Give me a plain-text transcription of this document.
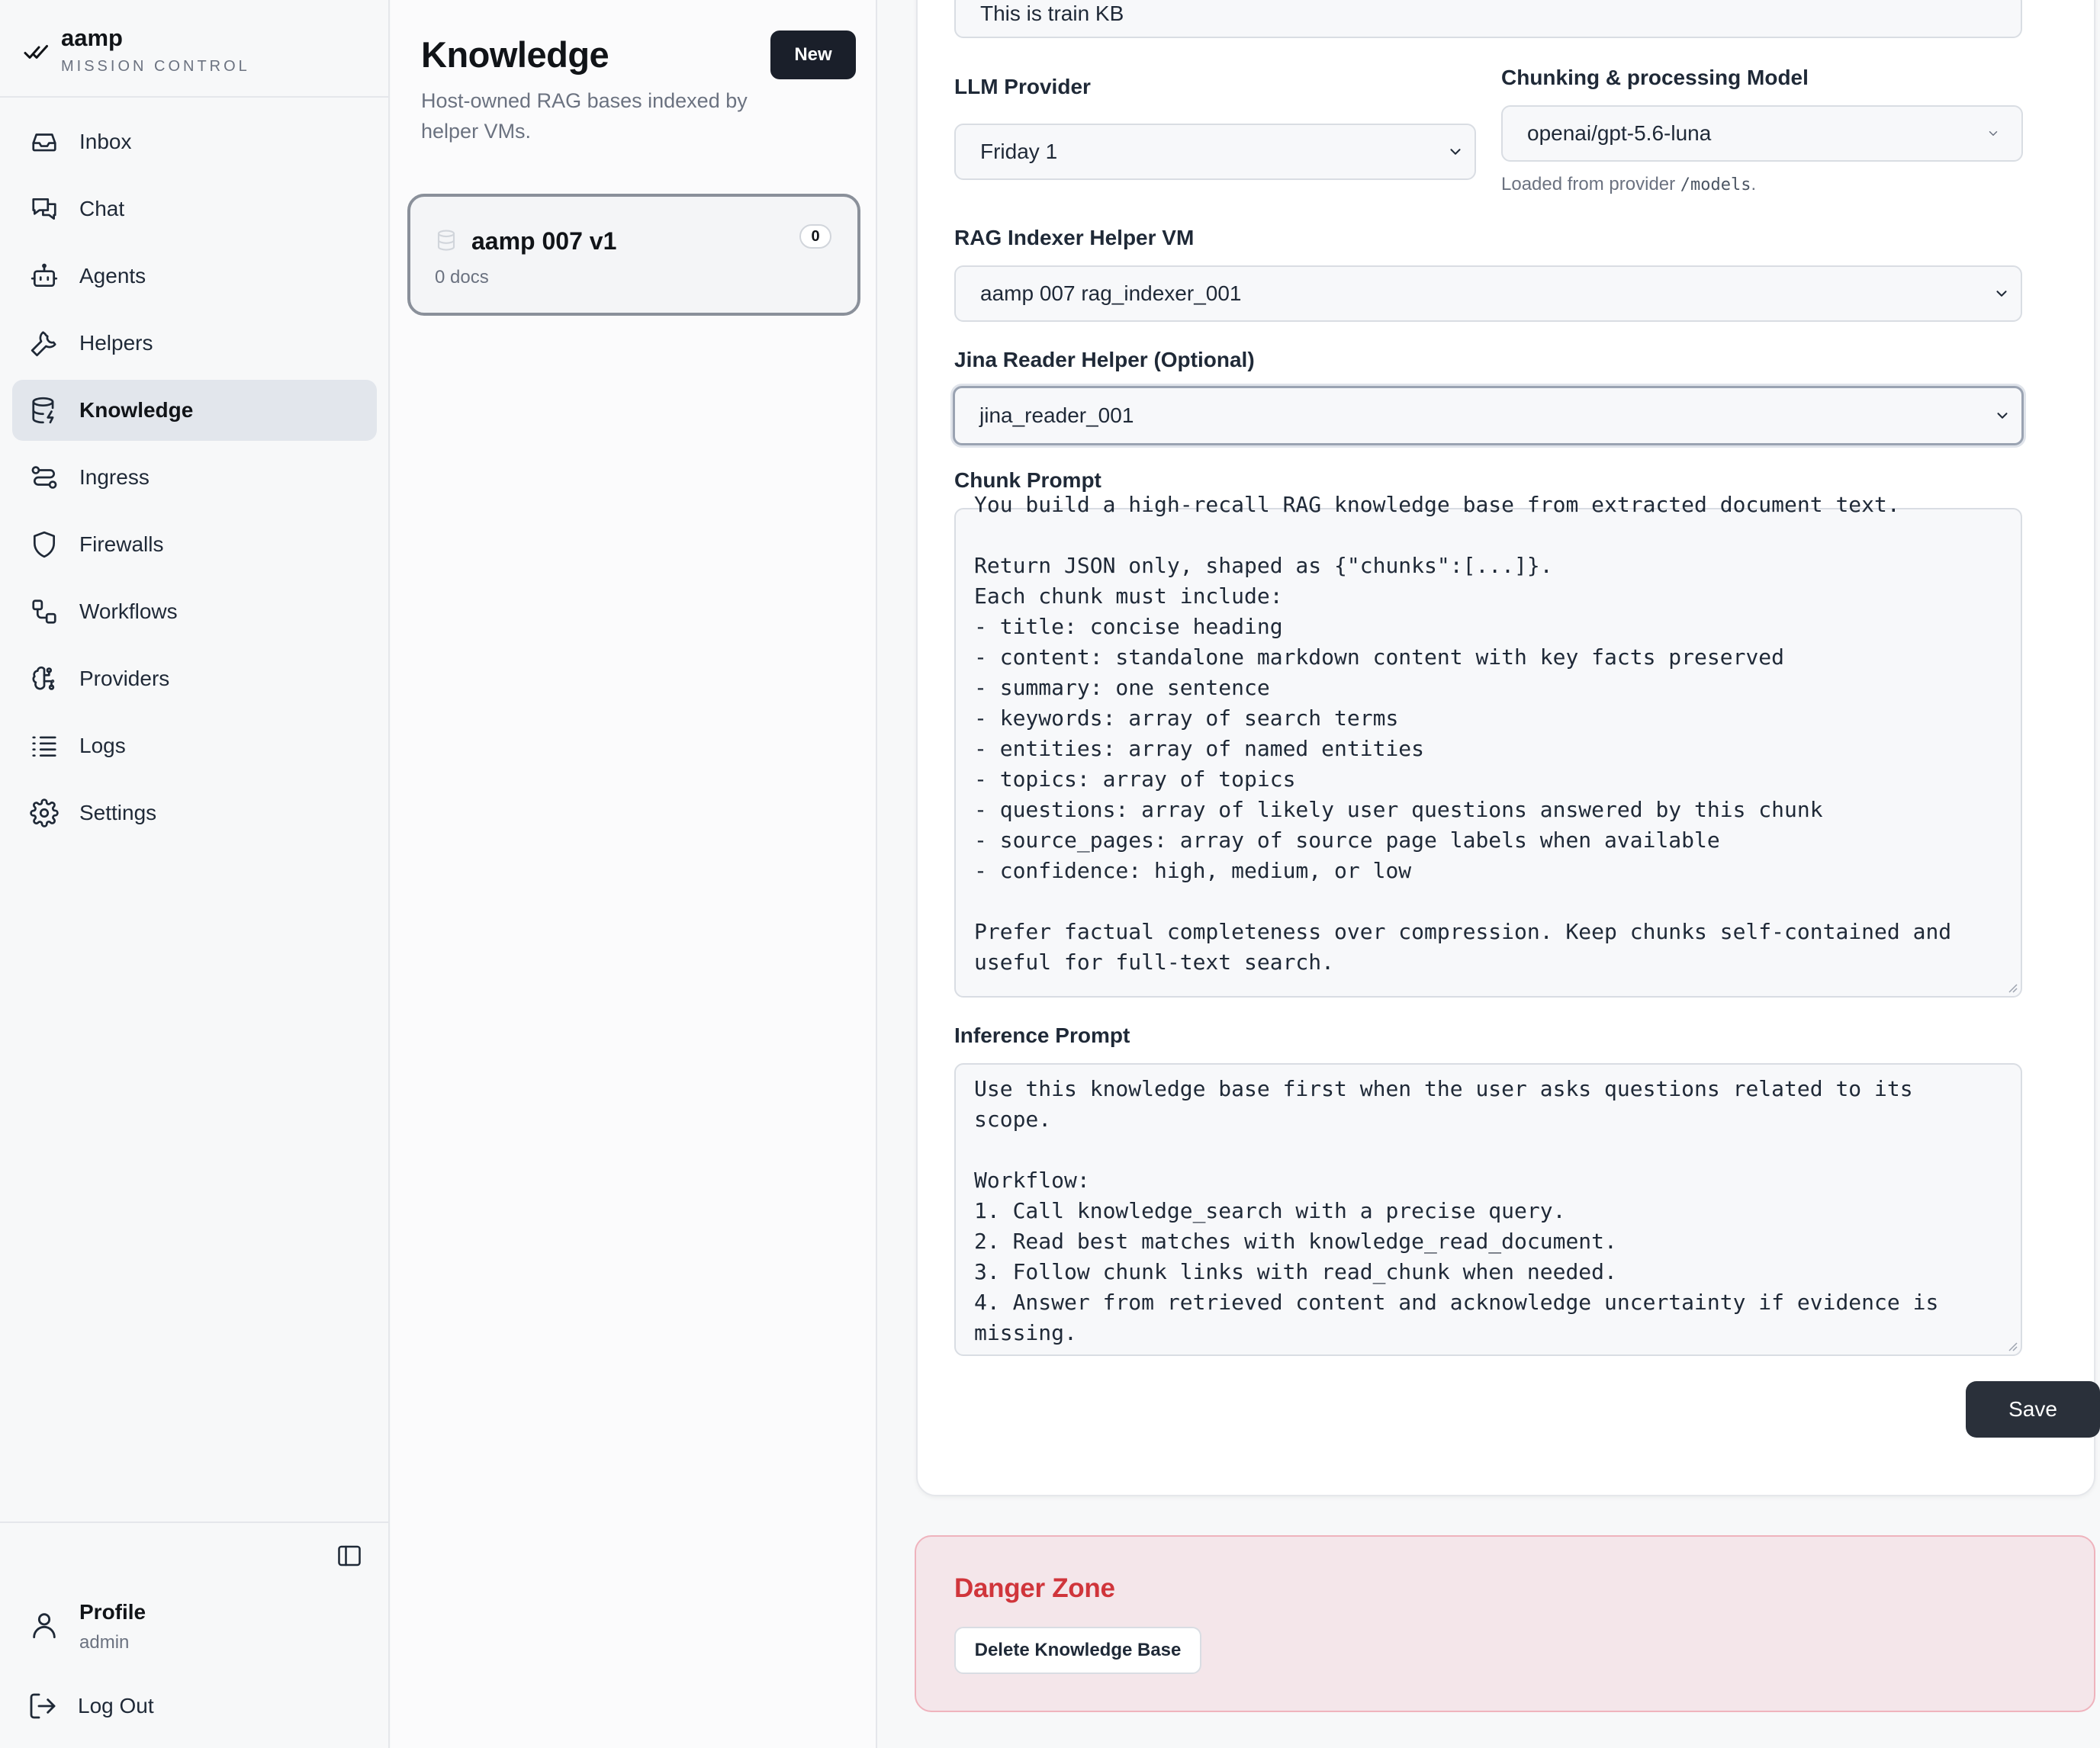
aamp
MISSION CONTROL
Inbox
Chat
Agents
Helpers
Knowledge
Ingress
Firewalls
Workflows
Providers
Logs
Settings
Profile
admin
Log Out
Knowledge

Host-owned RAG bases indexed by helper VMs.

New
aamp 007 v1
0 docs
0
This is train KB
LLM Provider
Friday 1
Chunking & processing Model
openai/gpt-5.6-luna
Loaded from provider /models.
RAG Indexer Helper VM
aamp 007 rag_indexer_001
Jina Reader Helper (Optional)
jina_reader_001
Chunk Prompt

You build a high-recall RAG knowledge base from extracted document text.

Return JSON only, shaped as {"chunks":[...]}.
Each chunk must include:
- title: concise heading
- content: standalone markdown content with key facts preserved
- summary: one sentence
- keywords: array of search terms
- entities: array of named entities
- topics: array of topics
- questions: array of likely user questions answered by this chunk
- source_pages: array of source page labels when available
- confidence: high, medium, or low

Prefer factual completeness over compression. Keep chunks self-contained and
useful for full-text search.

Inference Prompt

Use this knowledge base first when the user asks questions related to its
scope.

Workflow:
1. Call knowledge_search with a precise query.
2. Read best matches with knowledge_read_document.
3. Follow chunk links with read_chunk when needed.
4. Answer from retrieved content and acknowledge uncertainty if evidence is
missing.

Save
Danger Zone
Delete Knowledge Base
